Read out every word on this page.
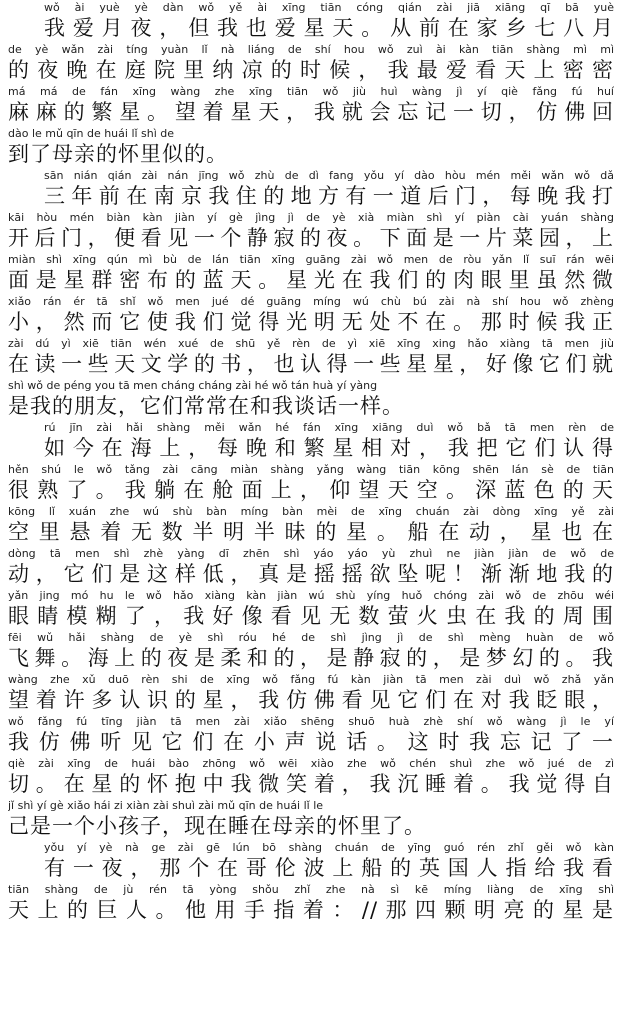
wǒ ài yuè yè dàn wǒ yě ài xīng tiān cóng qián zài jiā xiāng qī bā yuè
我爱月夜，但我也爱星天。从前在家乡七八月
de yè wǎn zài tíng yuàn lǐ nà liáng de shí hou wǒ zuì ài kàn tiān shàng mì mì
的夜晚在庭院里纳凉的时候，我最爱看天上密密
má má de fán xīng wàng zhe xīng tiān wǒ jiù huì wàng jì yí qiè fǎng fú huí
麻麻的繁星。望着星天，我就会忘记一切，仿佛回
dào le mǔ qīn de huái lǐ shì de
到了母亲的怀里似的。
sān nián qián zài nán jīng wǒ zhù de dì fang yǒu yí dào hòu mén měi wǎn wǒ dǎ
三年前在南京我住的地方有一道后门，每晚我打
kāi hòu mén biàn kàn jiàn yí gè jìng jì de yè xià miàn shì yí piàn cài yuán shàng
开后门，便看见一个静寂的夜。下面是一片菜园，上
miàn shì xīng qún mì bù de lán tiān xīng guāng zài wǒ men de ròu yǎn lǐ suī rán wēi
面是星群密布的蓝天。星光在我们的肉眼里虽然微
xiǎo rán ér tā shǐ wǒ men jué dé guāng míng wú chù bú zài nà shí hou wǒ zhèng
小，然而它使我们觉得光明无处不在。那时候我正
zài dú yì xiē tiān wén xué de shū yě rèn de yì xiē xīng xing hǎo xiàng tā men jiù
在读一些天文学的书，也认得一些星星，好像它们就
shì wǒ de péng you tā men cháng cháng zài hé wǒ tán huà yí yàng
是我的朋友，它们常常在和我谈话一样。
rú jīn zài hǎi shàng měi wǎn hé fán xīng xiāng duì wǒ bǎ tā men rèn de
如今在海上，每晚和繁星相对，我把它们认得
hěn shú le wǒ tǎng zài cāng miàn shàng yǎng wàng tiān kōng shēn lán sè de tiān
很熟了。我躺在舱面上，仰望天空。深蓝色的天
kōng lǐ xuán zhe wú shù bàn míng bàn mèi de xīng chuán zài dòng xīng yě zài
空里悬着无数半明半昧的星。船在动，星也在
dòng tā men shì zhè yàng dī zhēn shì yáo yáo yù zhuì ne jiàn jiàn de wǒ de
动，它们是这样低，真是摇摇欲坠呢！渐渐地我的
yǎn jing mó hu le wǒ hǎo xiàng kàn jiàn wú shù yíng huǒ chóng zài wǒ de zhōu wéi
眼睛模糊了，我好像看见无数萤火虫在我的周围
fēi wǔ hǎi shàng de yè shì róu hé de shì jìng jì de shì mèng huàn de wǒ
飞舞。海上的夜是柔和的，是静寂的，是梦幻的。我
wàng zhe xǔ duō rèn shi de xīng wǒ fǎng fú kàn jiàn tā men zài duì wǒ zhǎ yǎn
望着许多认识的星，我仿佛看见它们在对我眨眼，
wǒ fǎng fú tīng jiàn tā men zài xiǎo shēng shuō huà zhè shí wǒ wàng jì le yí
我仿佛听见它们在小声说话。这时我忘记了一
qiè zài xīng de huái bào zhōng wǒ wēi xiào zhe wǒ chén shuì zhe wǒ jué de zì
切。在星的怀抱中我微笑着，我沉睡着。我觉得自
jǐ shì yí gè xiǎo hái zi xiàn zài shuì zài mǔ qīn de huái lǐ le
己是一个小孩子，现在睡在母亲的怀里了。
yǒu yí yè nà ge zài gē lún bō shàng chuán de yīng guó rén zhǐ gěi wǒ kàn
有一夜，那个在哥伦波上船的英国人指给我看
tiān shàng de jù rén tā yòng shǒu zhǐ zhe nà sì kē míng liàng de xīng shì
天上的巨人。他用手指着：//那四颗明亮的星是
